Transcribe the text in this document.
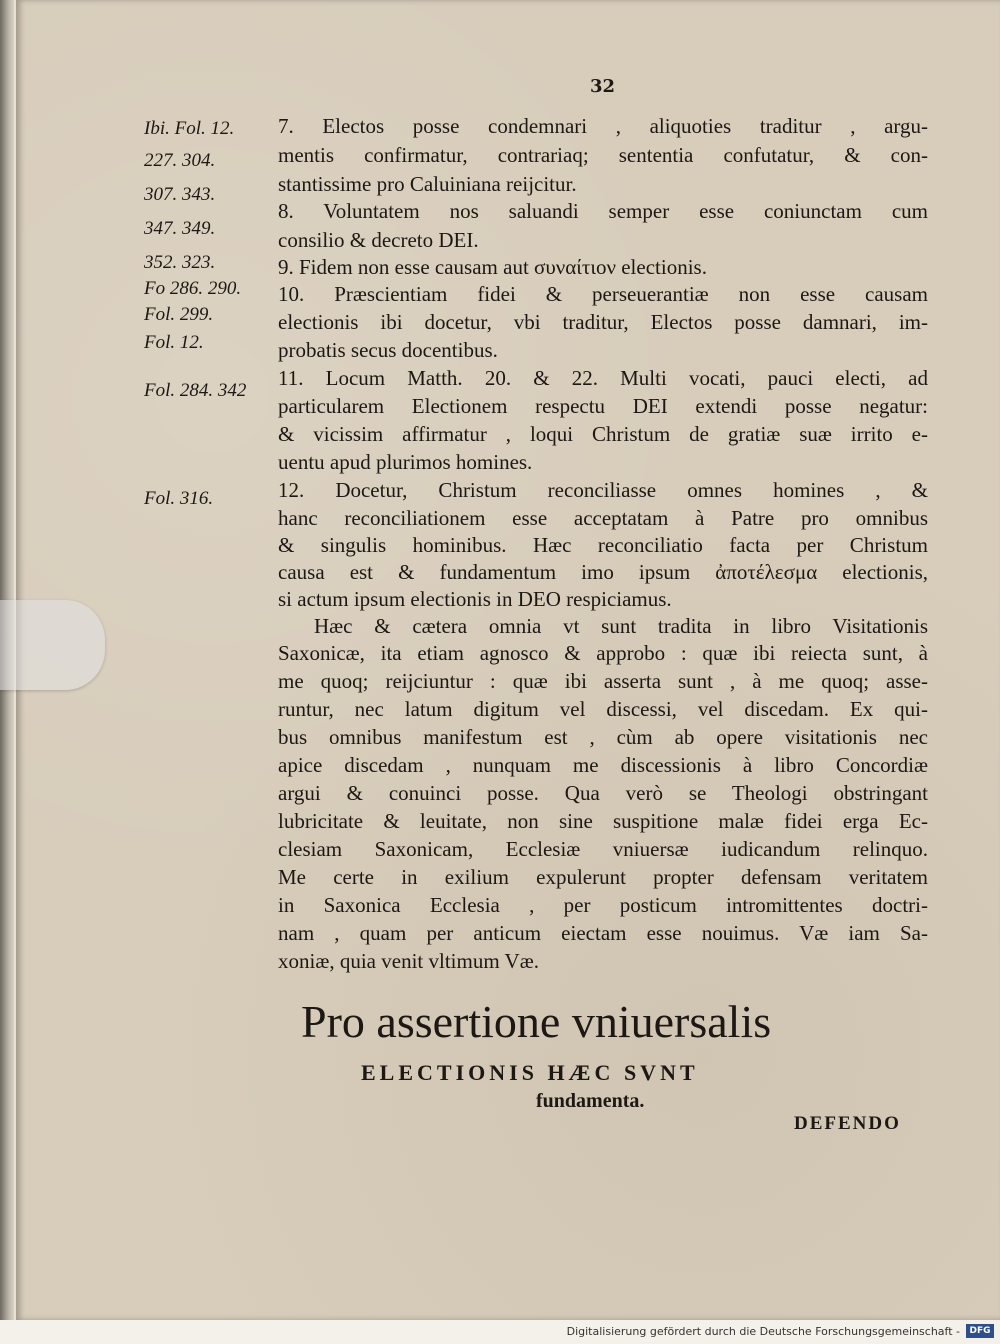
32
Ibi. Fol. 12.
227. 304.
307. 343.
347. 349.
352. 323.
Fo 286. 290.
Fol. 299.
Fol. 12.
Fol. 284. 342
Fol. 316.
7. Electos posse condemnari , aliquoties traditur , argu-
mentis confirmatur, contrariaq; sententia confutatur, & con-
stantissime pro Caluiniana reijcitur.
8. Voluntatem nos saluandi semper esse coniunctam cum
consilio & decreto DEI.
9. Fidem non esse causam aut συναίτιον electionis.
10. Præscientiam fidei & perseuerantiæ non esse causam
electionis ibi docetur, vbi traditur, Electos posse damnari, im-
probatis secus docentibus.
11. Locum Matth. 20. & 22. Multi vocati, pauci electi, ad
particularem Electionem respectu DEI extendi posse negatur:
& vicissim affirmatur , loqui Christum de gratiæ suæ irrito e-
uentu apud plurimos homines.
12. Docetur, Christum reconciliasse omnes homines , &
hanc reconciliationem esse acceptatam à Patre pro omnibus
& singulis hominibus. Hæc reconciliatio facta per Christum
causa est & fundamentum imo ipsum ἀποτέλεσμα electionis,
si actum ipsum electionis in DEO respiciamus.
Hæc & cætera omnia vt sunt tradita in libro Visitationis
Saxonicæ, ita etiam agnosco & approbo : quæ ibi reiecta sunt, à
me quoq; reijciuntur : quæ ibi asserta sunt , à me quoq; asse-
runtur, nec latum digitum vel discessi, vel discedam. Ex qui-
bus omnibus manifestum est , cùm ab opere visitationis nec
apice discedam , nunquam me discessionis à libro Concordiæ
argui & conuinci posse. Qua verò se Theologi obstringant
lubricitate & leuitate, non sine suspitione malæ fidei erga Ec-
clesiam Saxonicam, Ecclesiæ vniuersæ iudicandum relinquo.
Me certe in exilium expulerunt propter defensam veritatem
in Saxonica Ecclesia , per posticum intromittentes doctri-
nam , quam per anticum eiectam esse nouimus. Væ iam Sa-
xoniæ, quia venit vltimum Væ.
Pro assertione vniuersalis
ELECTIONIS HÆC SVNT
fundamenta.
DEFENDO
Digitalisierung gefördert durch die Deutsche Forschungsgemeinschaft -	DFG
